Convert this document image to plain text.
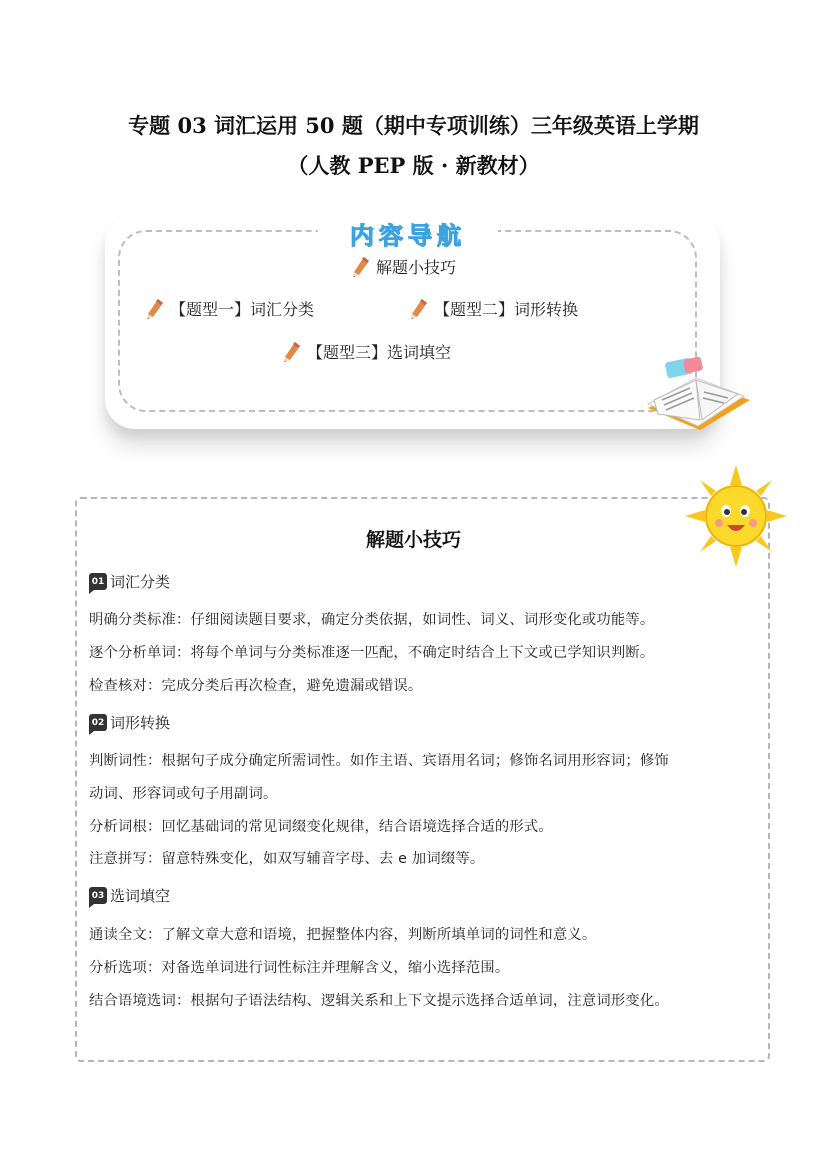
专题 03 词汇运用 50 题（期中专项训练）三年级英语上学期
（人教 PEP 版 · 新教材）
内容导航
解题小技巧
【题型一】词汇分类	【题型二】词形转换
【题型三】选词填空
解题小技巧
01 词汇分类
明确分类标准：仔细阅读题目要求，确定分类依据，如词性、词义、词形变化或功能等。
逐个分析单词：将每个单词与分类标准逐一匹配，不确定时结合上下文或已学知识判断。
检查核对：完成分类后再次检查，避免遗漏或错误。
02 词形转换
判断词性：根据句子成分确定所需词性。如作主语、宾语用名词；修饰名词用形容词；修饰
动词、形容词或句子用副词。
分析词根：回忆基础词的常见词缀变化规律，结合语境选择合适的形式。
注意拼写：留意特殊变化，如双写辅音字母、去 e 加词缀等。
03 选词填空
通读全文：了解文章大意和语境，把握整体内容，判断所填单词的词性和意义。
分析选项：对备选单词进行词性标注并理解含义，缩小选择范围。
结合语境选词：根据句子语法结构、逻辑关系和上下文提示选择合适单词，注意词形变化。
